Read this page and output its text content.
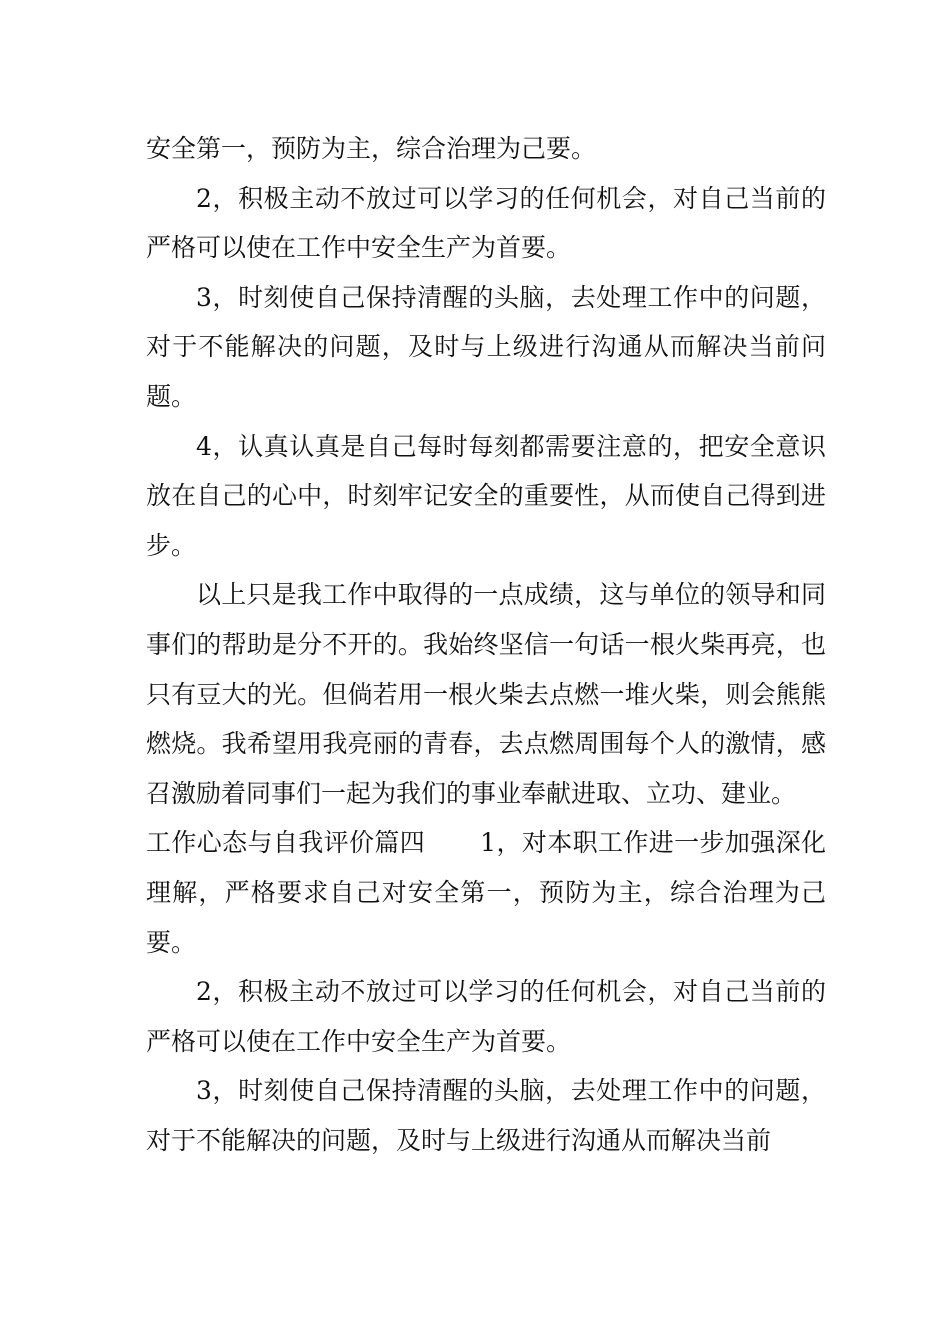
安全第一，预防为主，综合治理为己要。

2，积极主动不放过可以学习的任何机会，对自己当前的严格可以使在工作中安全生产为首要。

3，时刻使自己保持清醒的头脑，去处理工作中的问题，对于不能解决的问题，及时与上级进行沟通从而解决当前问题。

4，认真认真是自己每时每刻都需要注意的，把安全意识放在自己的心中，时刻牢记安全的重要性，从而使自己得到进步。

以上只是我工作中取得的一点成绩，这与单位的领导和同事们的帮助是分不开的。我始终坚信一句话一根火柴再亮，也只有豆大的光。但倘若用一根火柴去点燃一堆火柴，则会熊熊燃烧。我希望用我亮丽的青春，去点燃周围每个人的激情，感召激励着同事们一起为我们的事业奉献进取、立功、建业。

工作心态与自我评价篇四 1，对本职工作进一步加强深化理解，严格要求自己对安全第一，预防为主，综合治理为己要。

2，积极主动不放过可以学习的任何机会，对自己当前的严格可以使在工作中安全生产为首要。

3，时刻使自己保持清醒的头脑，去处理工作中的问题，对于不能解决的问题，及时与上级进行沟通从而解决当前
